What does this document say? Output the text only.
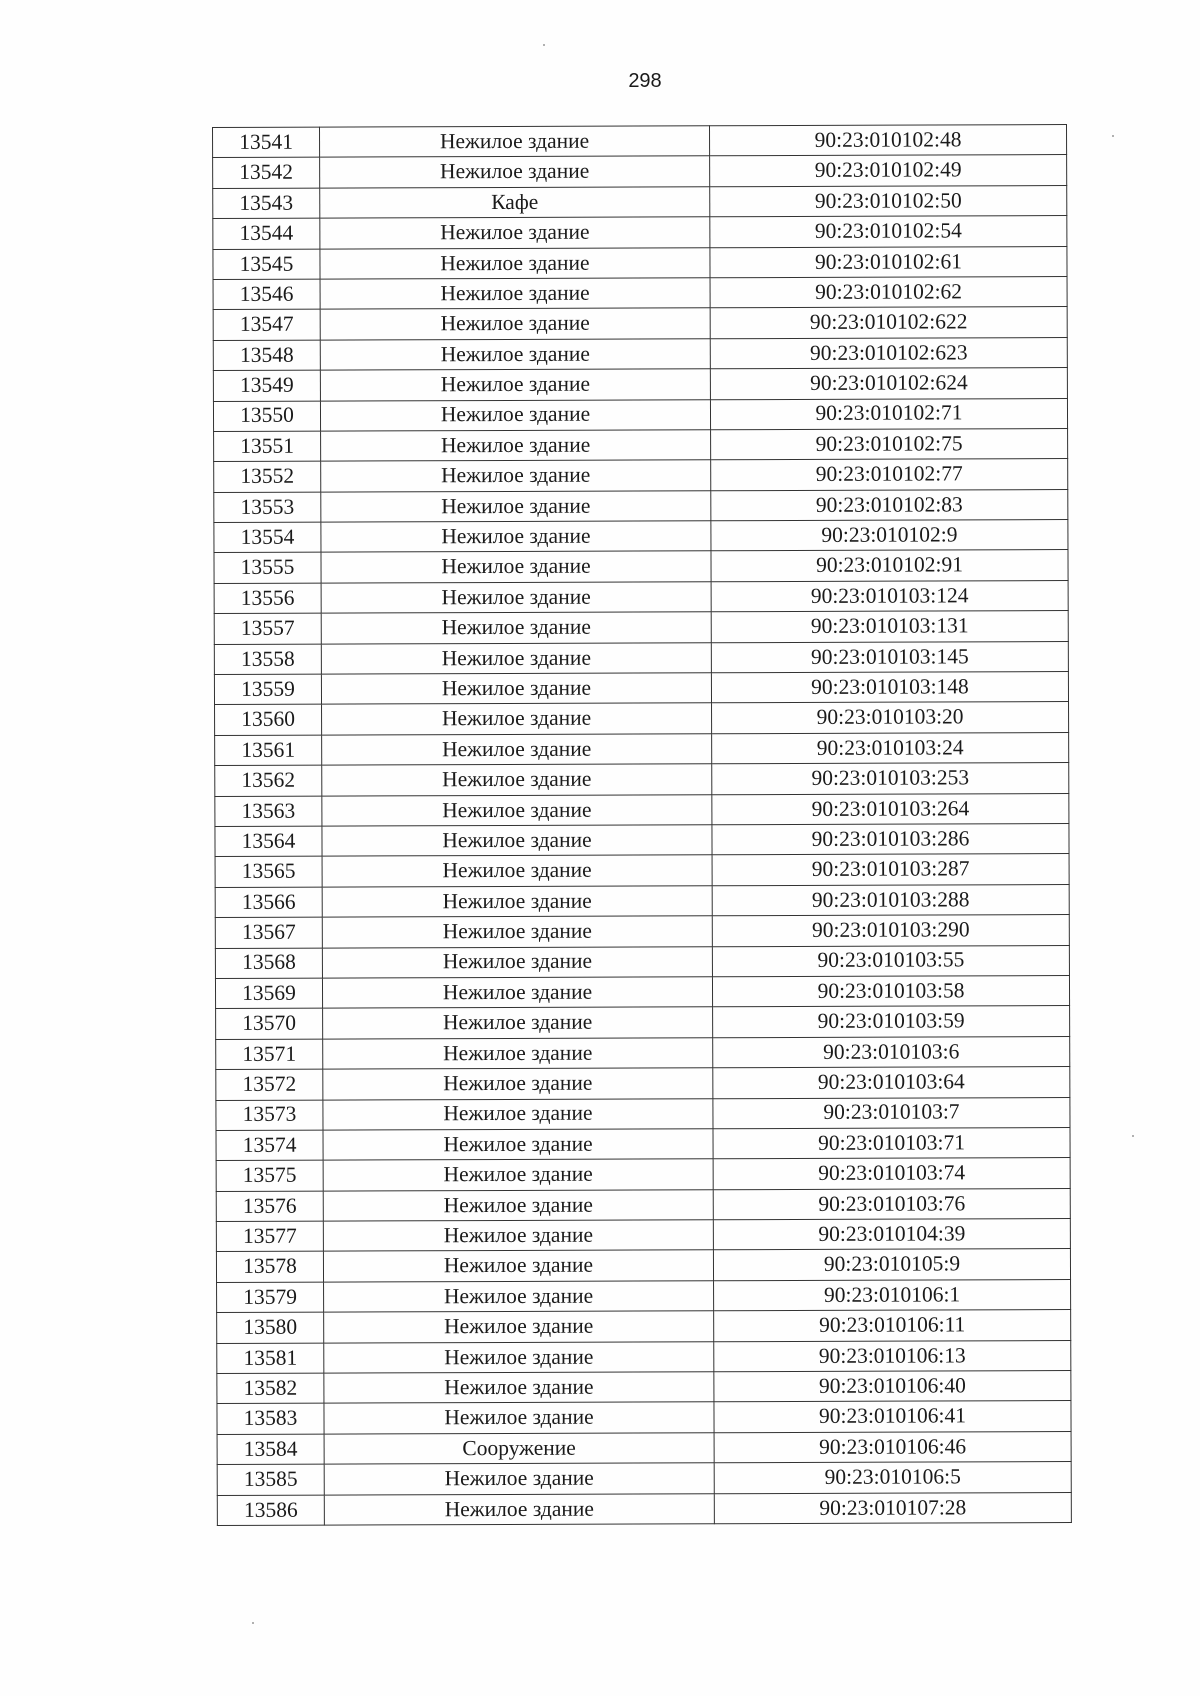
298
13541	Нежилое здание	90:23:010102:48
13542	Нежилое здание	90:23:010102:49
13543	Кафе	90:23:010102:50
13544	Нежилое здание	90:23:010102:54
13545	Нежилое здание	90:23:010102:61
13546	Нежилое здание	90:23:010102:62
13547	Нежилое здание	90:23:010102:622
13548	Нежилое здание	90:23:010102:623
13549	Нежилое здание	90:23:010102:624
13550	Нежилое здание	90:23:010102:71
13551	Нежилое здание	90:23:010102:75
13552	Нежилое здание	90:23:010102:77
13553	Нежилое здание	90:23:010102:83
13554	Нежилое здание	90:23:010102:9
13555	Нежилое здание	90:23:010102:91
13556	Нежилое здание	90:23:010103:124
13557	Нежилое здание	90:23:010103:131
13558	Нежилое здание	90:23:010103:145
13559	Нежилое здание	90:23:010103:148
13560	Нежилое здание	90:23:010103:20
13561	Нежилое здание	90:23:010103:24
13562	Нежилое здание	90:23:010103:253
13563	Нежилое здание	90:23:010103:264
13564	Нежилое здание	90:23:010103:286
13565	Нежилое здание	90:23:010103:287
13566	Нежилое здание	90:23:010103:288
13567	Нежилое здание	90:23:010103:290
13568	Нежилое здание	90:23:010103:55
13569	Нежилое здание	90:23:010103:58
13570	Нежилое здание	90:23:010103:59
13571	Нежилое здание	90:23:010103:6
13572	Нежилое здание	90:23:010103:64
13573	Нежилое здание	90:23:010103:7
13574	Нежилое здание	90:23:010103:71
13575	Нежилое здание	90:23:010103:74
13576	Нежилое здание	90:23:010103:76
13577	Нежилое здание	90:23:010104:39
13578	Нежилое здание	90:23:010105:9
13579	Нежилое здание	90:23:010106:1
13580	Нежилое здание	90:23:010106:11
13581	Нежилое здание	90:23:010106:13
13582	Нежилое здание	90:23:010106:40
13583	Нежилое здание	90:23:010106:41
13584	Сооружение	90:23:010106:46
13585	Нежилое здание	90:23:010106:5
13586	Нежилое здание	90:23:010107:28
